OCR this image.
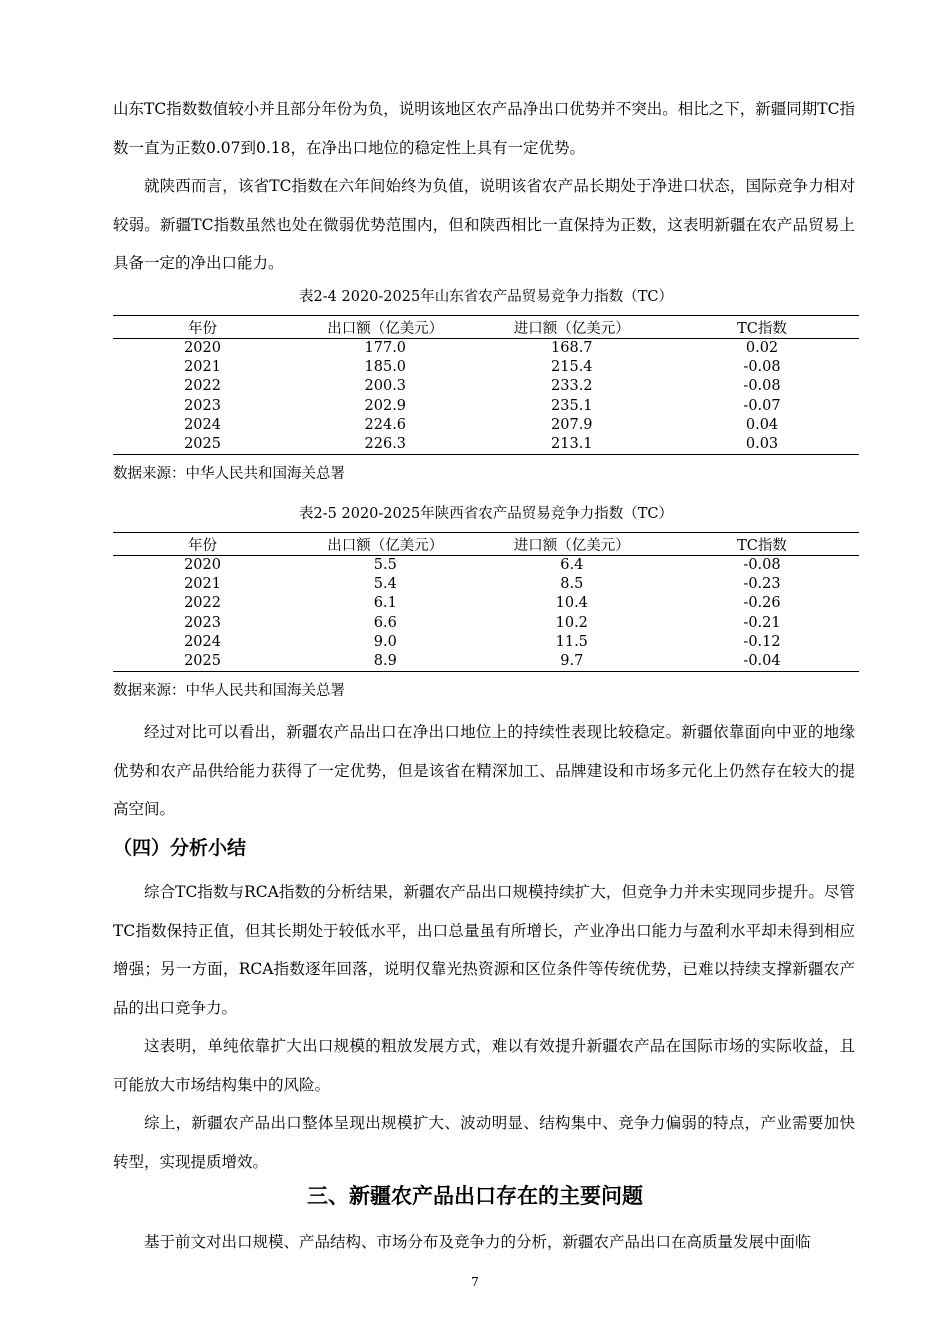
山东TC指数数值较小并且部分年份为负，说明该地区农产品净出口优势并不突出。相比之下，新疆同期TC指数一直为正数0.07到0.18，在净出口地位的稳定性上具有一定优势。

就陕西而言，该省TC指数在六年间始终为负值，说明该省农产品长期处于净进口状态，国际竞争力相对较弱。新疆TC指数虽然也处在微弱优势范围内，但和陕西相比一直保持为正数，这表明新疆在农产品贸易上具备一定的净出口能力。

表2-4 2020-2025年山东省农产品贸易竞争力指数（TC）

年份	出口额（亿美元）	进口额（亿美元）	TC指数
2020	177.0	168.7	0.02
2021	185.0	215.4	-0.08
2022	200.3	233.2	-0.08
2023	202.9	235.1	-0.07
2024	224.6	207.9	0.04
2025	226.3	213.1	0.03

数据来源：中华人民共和国海关总署

表2-5 2020-2025年陕西省农产品贸易竞争力指数（TC）

年份	出口额（亿美元）	进口额（亿美元）	TC指数
2020	5.5	6.4	-0.08
2021	5.4	8.5	-0.23
2022	6.1	10.4	-0.26
2023	6.6	10.2	-0.21
2024	9.0	11.5	-0.12
2025	8.9	9.7	-0.04

数据来源：中华人民共和国海关总署

经过对比可以看出，新疆农产品出口在净出口地位上的持续性表现比较稳定。新疆依靠面向中亚的地缘优势和农产品供给能力获得了一定优势，但是该省在精深加工、品牌建设和市场多元化上仍然存在较大的提高空间。

（四）分析小结

综合TC指数与RCA指数的分析结果，新疆农产品出口规模持续扩大，但竞争力并未实现同步提升。尽管TC指数保持正值，但其长期处于较低水平，出口总量虽有所增长，产业净出口能力与盈利水平却未得到相应增强；另一方面，RCA指数逐年回落，说明仅靠光热资源和区位条件等传统优势，已难以持续支撑新疆农产品的出口竞争力。

这表明，单纯依靠扩大出口规模的粗放发展方式，难以有效提升新疆农产品在国际市场的实际收益，且可能放大市场结构集中的风险。

综上，新疆农产品出口整体呈现出规模扩大、波动明显、结构集中、竞争力偏弱的特点，产业需要加快转型，实现提质增效。

三、新疆农产品出口存在的主要问题

基于前文对出口规模、产品结构、市场分布及竞争力的分析，新疆农产品出口在高质量发展中面临

7
